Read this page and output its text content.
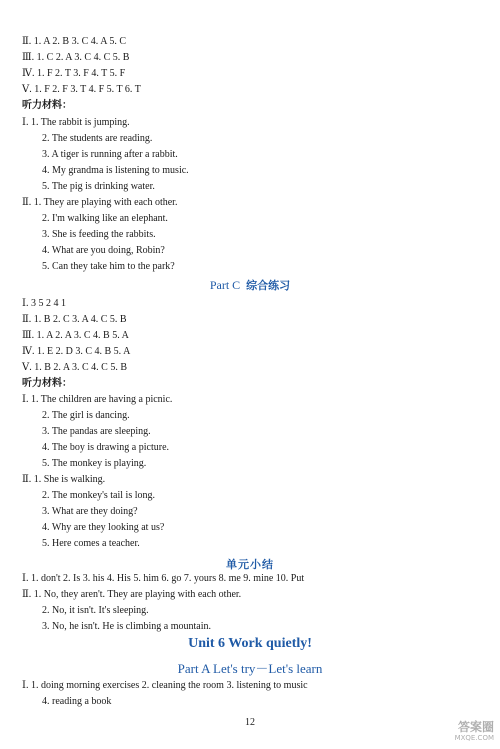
Ⅱ. 1. A 2. B 3. C 4. A 5. C
Ⅲ. 1. C 2. A 3. C 4. C 5. B
Ⅳ. 1. F 2. T 3. F 4. T 5. F
Ⅴ. 1. F 2. F 3. T 4. F 5. T 6. T
听力材料：
Ⅰ. 1. The rabbit is jumping.
2. The students are reading.
3. A tiger is running after a rabbit.
4. My grandma is listening to music.
5. The pig is drinking water.
Ⅱ. 1. They are playing with each other.
2. I'm walking like an elephant.
3. She is feeding the rabbits.
4. What are you doing, Robin?
5. Can they take him to the park?
Part C 综合练习
Ⅰ. 3 5 2 4 1
Ⅱ. 1. B 2. C 3. A 4. C 5. B
Ⅲ. 1. A 2. A 3. C 4. B 5. A
Ⅳ. 1. E 2. D 3. C 4. B 5. A
Ⅴ. 1. B 2. A 3. C 4. C 5. B
听力材料：
Ⅰ. 1. The children are having a picnic.
2. The girl is dancing.
3. The pandas are sleeping.
4. The boy is drawing a picture.
5. The monkey is playing.
Ⅱ. 1. She is walking.
2. The monkey's tail is long.
3. What are they doing?
4. Why are they looking at us?
5. Here comes a teacher.
单元小结
Ⅰ. 1. don't 2. Is 3. his 4. His 5. him 6. go 7. yours 8. me 9. mine 10. Put
Ⅱ. 1. No, they aren't. They are playing with each other.
2. No, it isn't. It's sleeping.
3. No, he isn't. He is climbing a mountain.
Unit 6 Work quietly!
Part A Let's try－Let's learn
Ⅰ. 1. doing morning exercises 2. cleaning the room 3. listening to music
4. reading a book
12	答案圈
MXQE.COM
